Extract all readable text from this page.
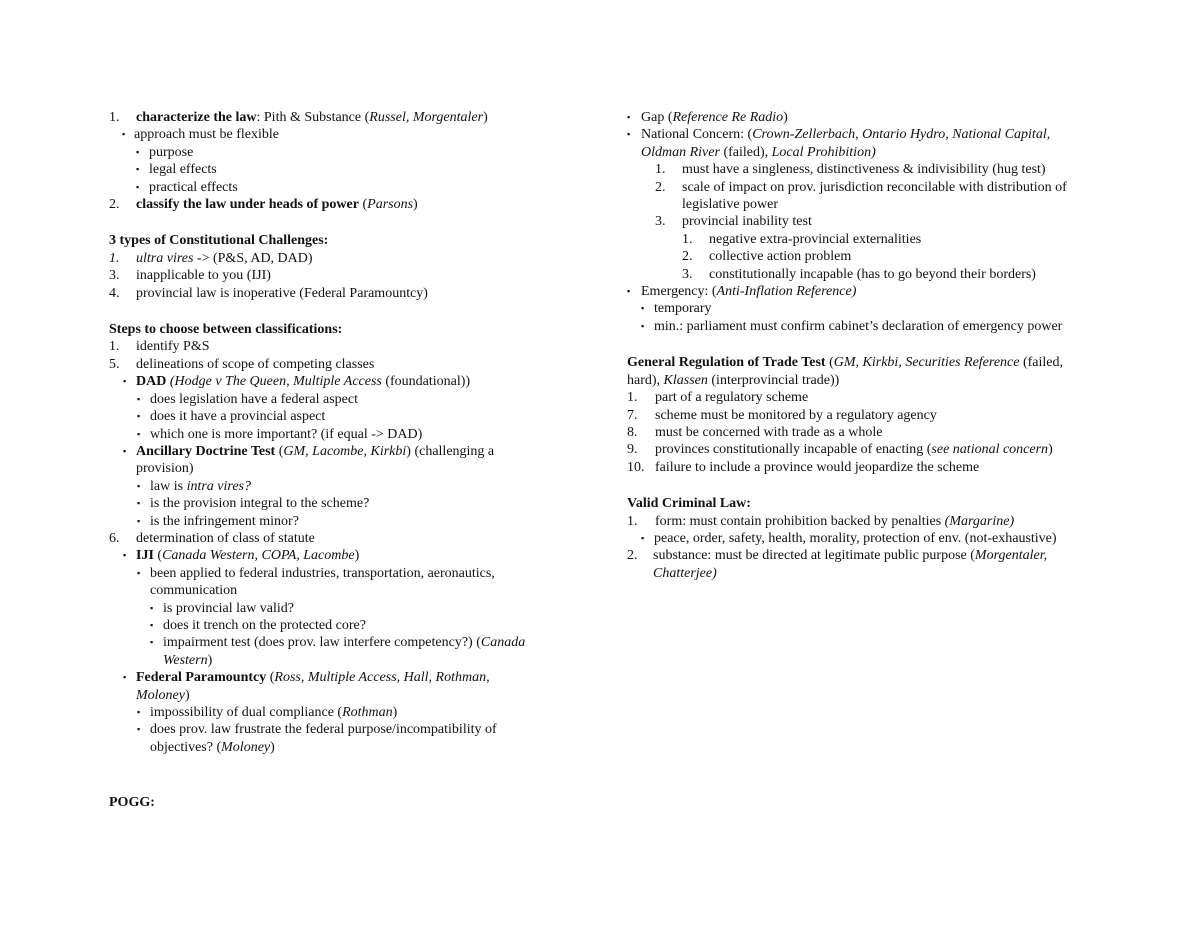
1. characterize the law: Pith & Substance (Russel, Morgentaler)
▪ approach must be flexible
▪ purpose
▪ legal effects
▪ practical effects
2. classify the law under heads of power (Parsons)
3 types of Constitutional Challenges:
1. ultra vires -> (P&S, AD, DAD)
3. inapplicable to you (IJI)
4. provincial law is inoperative (Federal Paramountcy)
Steps to choose between classifications:
1. identify P&S
5. delineations of scope of competing classes
▪ DAD (Hodge v The Queen, Multiple Access (foundational))
▪ does legislation have a federal aspect
▪ does it have a provincial aspect
▪ which one is more important? (if equal -> DAD)
▪ Ancillary Doctrine Test (GM, Lacombe, Kirkbi) (challenging a provision)
▪ law is intra vires?
▪ is the provision integral to the scheme?
▪ is the infringement minor?
6. determination of class of statute
▪ IJI (Canada Western, COPA, Lacombe)
▪ been applied to federal industries, transportation, aeronautics, communication
▪ is provincial law valid?
▪ does it trench on the protected core?
▪ impairment test (does prov. law interfere competency?) (Canada Western)
▪ Federal Paramountcy (Ross, Multiple Access, Hall, Rothman, Moloney)
▪ impossibility of dual compliance (Rothman)
▪ does prov. law frustrate the federal purpose/incompatibility of objectives? (Moloney)
POGG:
▪ Gap (Reference Re Radio)
▪ National Concern: (Crown-Zellerbach, Ontario Hydro, National Capital, Oldman River (failed), Local Prohibition)
1. must have a singleness, distinctiveness & indivisibility (hug test)
2. scale of impact on prov. jurisdiction reconcilable with distribution of legislative power
3. provincial inability test
1. negative extra-provincial externalities
2. collective action problem
3. constitutionally incapable (has to go beyond their borders)
▪ Emergency: (Anti-Inflation Reference)
▪ temporary
▪ min.: parliament must confirm cabinet’s declaration of emergency power
General Regulation of Trade Test (GM, Kirkbi, Securities Reference (failed, hard), Klassen (interprovincial trade))
1. part of a regulatory scheme
7. scheme must be monitored by a regulatory agency
8. must be concerned with trade as a whole
9. provinces constitutionally incapable of enacting (see national concern)
10. failure to include a province would jeopardize the scheme
Valid Criminal Law:
1. form: must contain prohibition backed by penalties (Margarine)
▪ peace, order, safety, health, morality, protection of env. (not-exhaustive)
2. substance: must be directed at legitimate public purpose (Morgentaler, Chatterjee)
